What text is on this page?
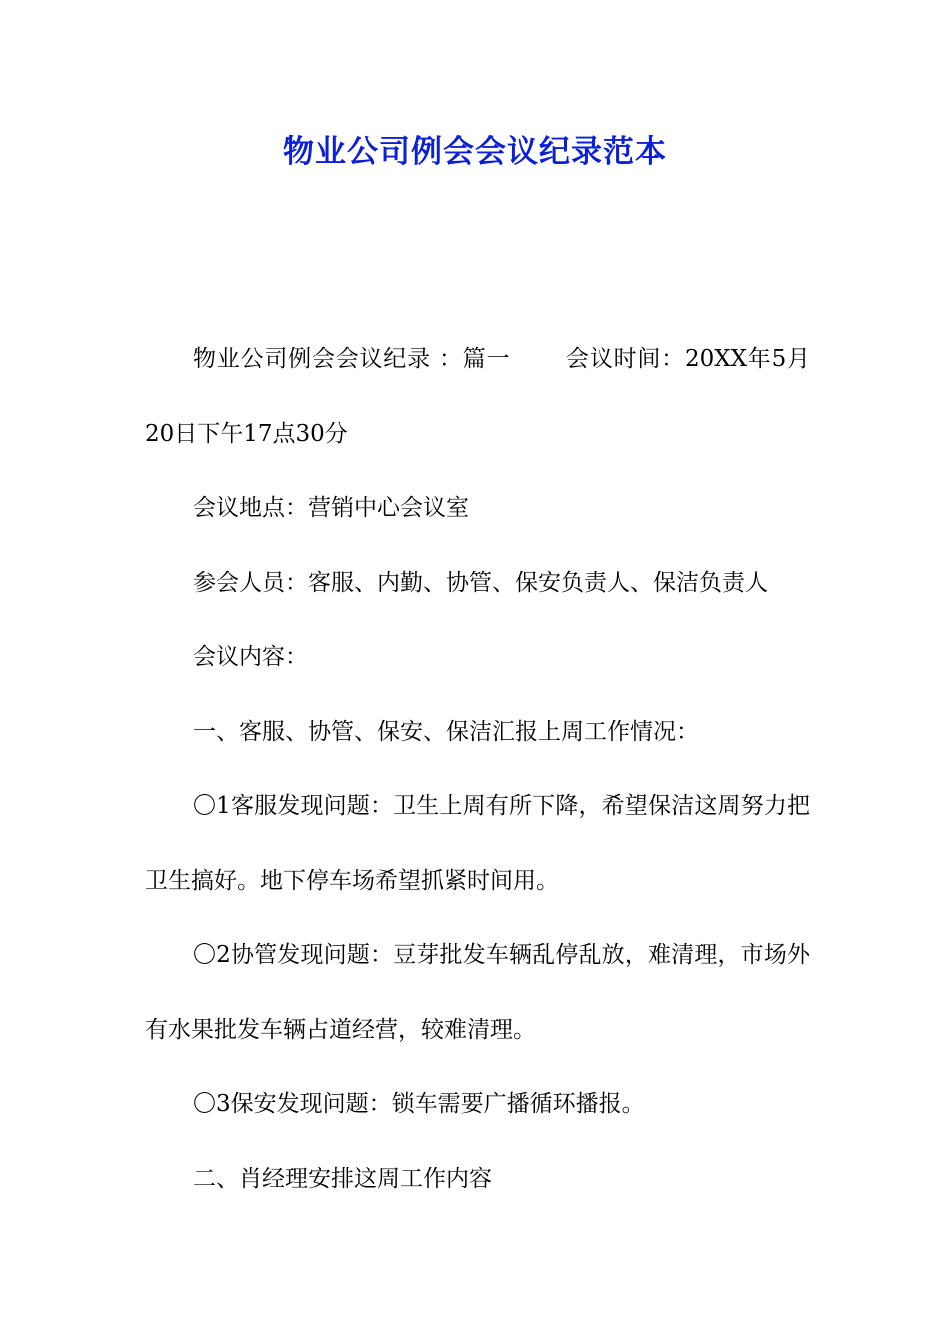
物业公司例会会议纪录范本

物业公司例会会议纪录 ：篇一 　　会议时间：20XX年5月20日下午17点30分

会议地点：营销中心会议室

参会人员：客服、内勤、协管、保安负责人、保洁负责人

会议内容：

一、客服、协管、保安、保洁汇报上周工作情况：

〇1客服发现问题：卫生上周有所下降，希望保洁这周努力把卫生搞好。地下停车场希望抓紧时间用。

〇2协管发现问题：豆芽批发车辆乱停乱放，难清理，市场外有水果批发车辆占道经营，较难清理。

〇3保安发现问题：锁车需要广播循环播报。

二、肖经理安排这周工作内容
